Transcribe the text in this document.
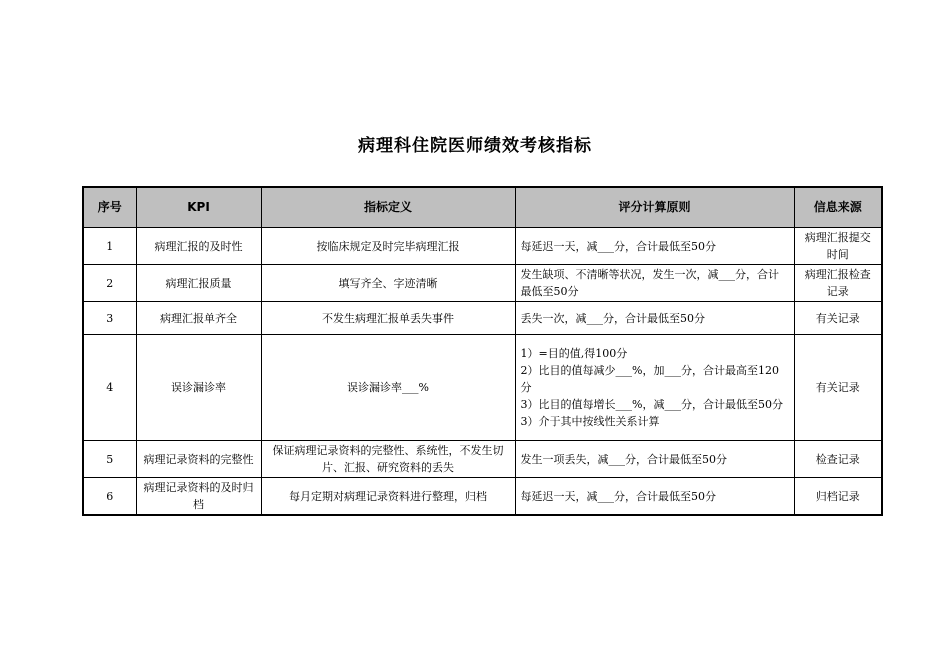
病理科住院医师绩效考核指标
序号	KPI	指标定义	评分计算原则	信息来源
1	病理汇报的及时性	按临床规定及时完毕病理汇报	每延迟一天，减___分，合计最低至50分	病理汇报提交时间
2	病理汇报质量	填写齐全、字迹清晰	发生缺项、不清晰等状况，发生一次，减___分，合计最低至50分	病理汇报检查记录
3	病理汇报单齐全	不发生病理汇报单丢失事件	丢失一次，减___分，合计最低至50分	有关记录
4	误诊漏诊率	误诊漏诊率___%	1）=目的值,得100分
2）比目的值每减少___%，加___分，合计最高至120分
3）比目的值每增长___%，减___分，合计最低至50分
3）介于其中按线性关系计算	有关记录
5	病理记录资料的完整性	保证病理记录资料的完整性、系统性，不发生切片、汇报、研究资料的丢失	发生一项丢失，减___分，合计最低至50分	检查记录
6	病理记录资料的及时归档	每月定期对病理记录资料进行整理，归档	每延迟一天，减___分，合计最低至50分	归档记录
